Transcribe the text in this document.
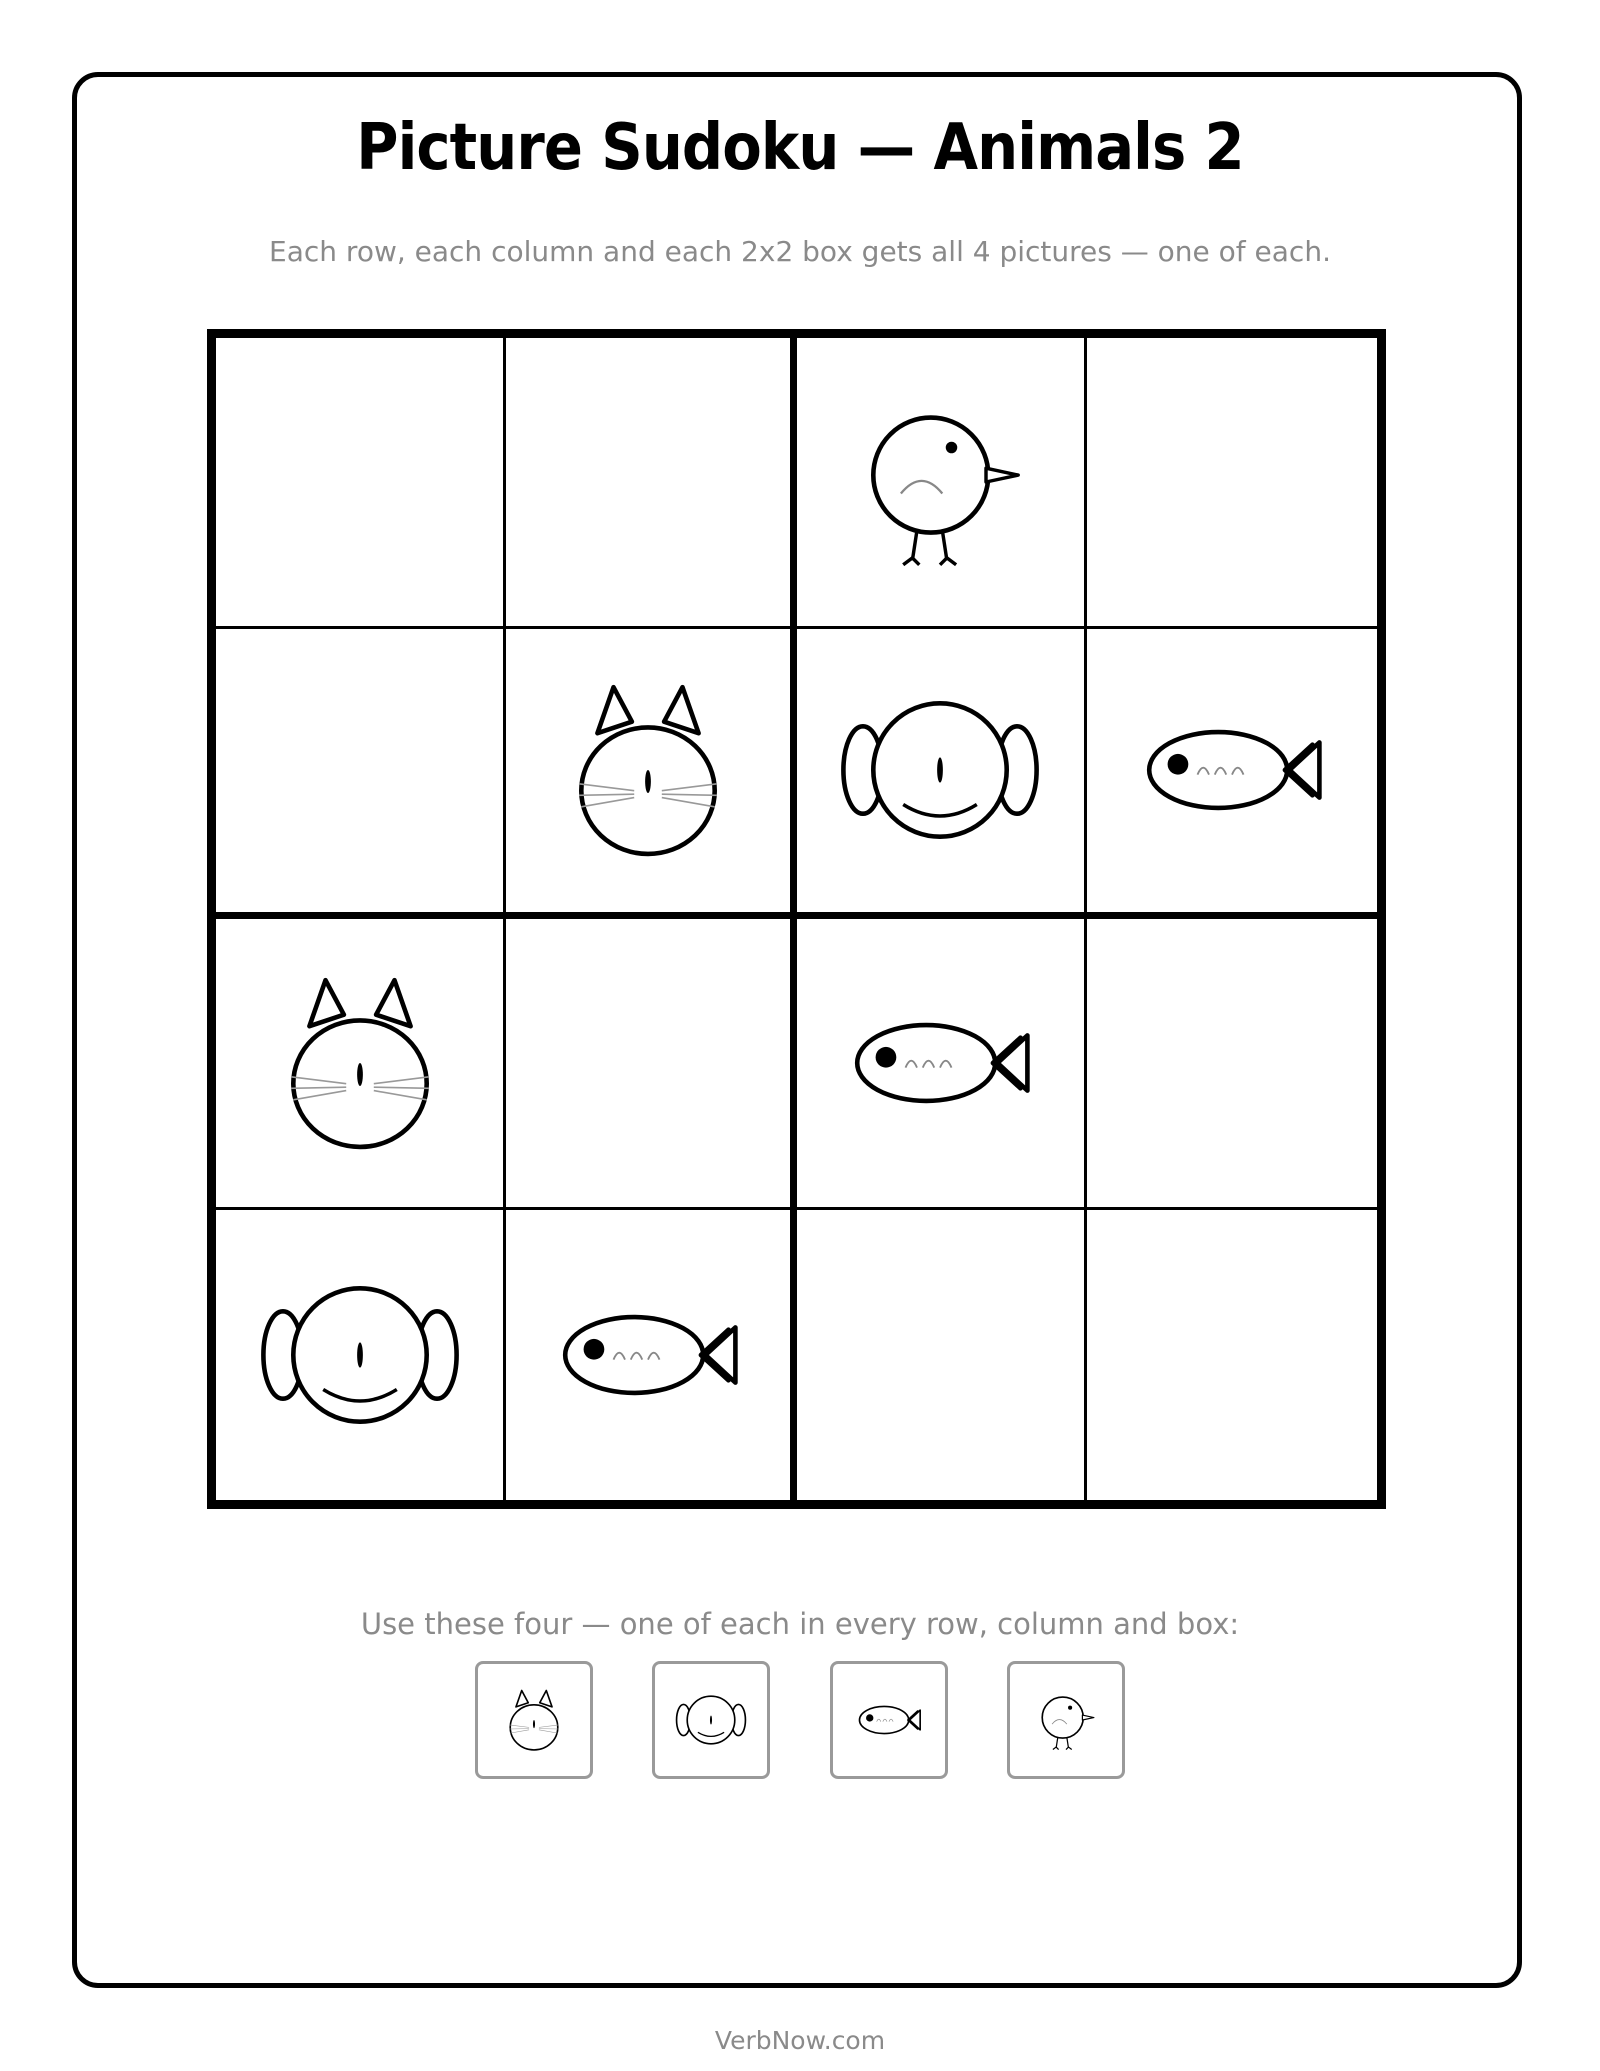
Picture Sudoku — Animals 2
Each row, each column and each 2x2 box gets all 4 pictures — one of each.
Use these four — one of each in every row, column and box:
VerbNow.com
